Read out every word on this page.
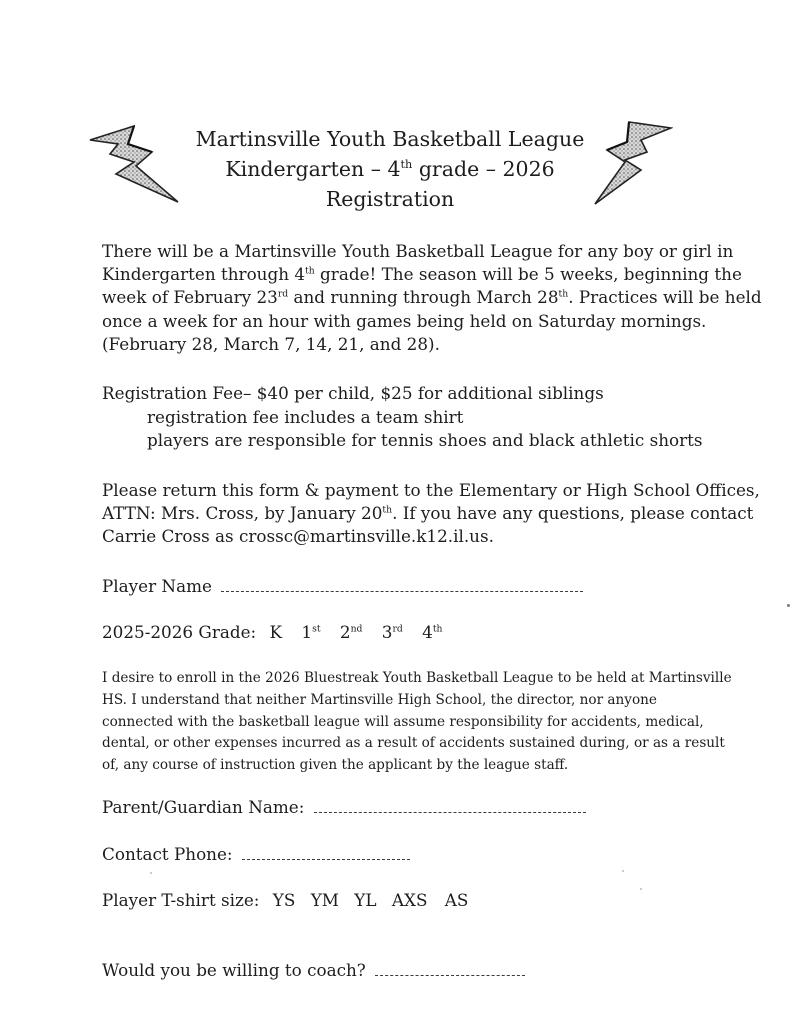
Martinsville Youth Basketball League
Kindergarten – 4th grade – 2026
Registration
There will be a Martinsville Youth Basketball League for any boy or girl in
Kindergarten through 4th grade! The season will be 5 weeks, beginning the
week of February 23rd and running through March 28th. Practices will be held
once a week for an hour with games being held on Saturday mornings.
(February 28, March 7, 14, 21, and 28).
Registration Fee– $40 per child, $25 for additional siblings
registration fee includes a team shirt
players are responsible for tennis shoes and black athletic shorts
Please return this form & payment to the Elementary or High School Offices,
ATTN: Mrs. Cross, by January 20th. If you have any questions, please contact
Carrie Cross as crossc@martinsville.k12.il.us.
Player Name
2025-2026 Grade: K 1st 2nd 3rd 4th
I desire to enroll in the 2026 Bluestreak Youth Basketball League to be held at Martinsville
HS. I understand that neither Martinsville High School, the director, nor anyone
connected with the basketball league will assume responsibility for accidents, medical,
dental, or other expenses incurred as a result of accidents sustained during, or as a result
of, any course of instruction given the applicant by the league staff.
Parent/Guardian Name:
Contact Phone:
Player T-shirt size: YS YM YL AXS AS
Would you be willing to coach?
